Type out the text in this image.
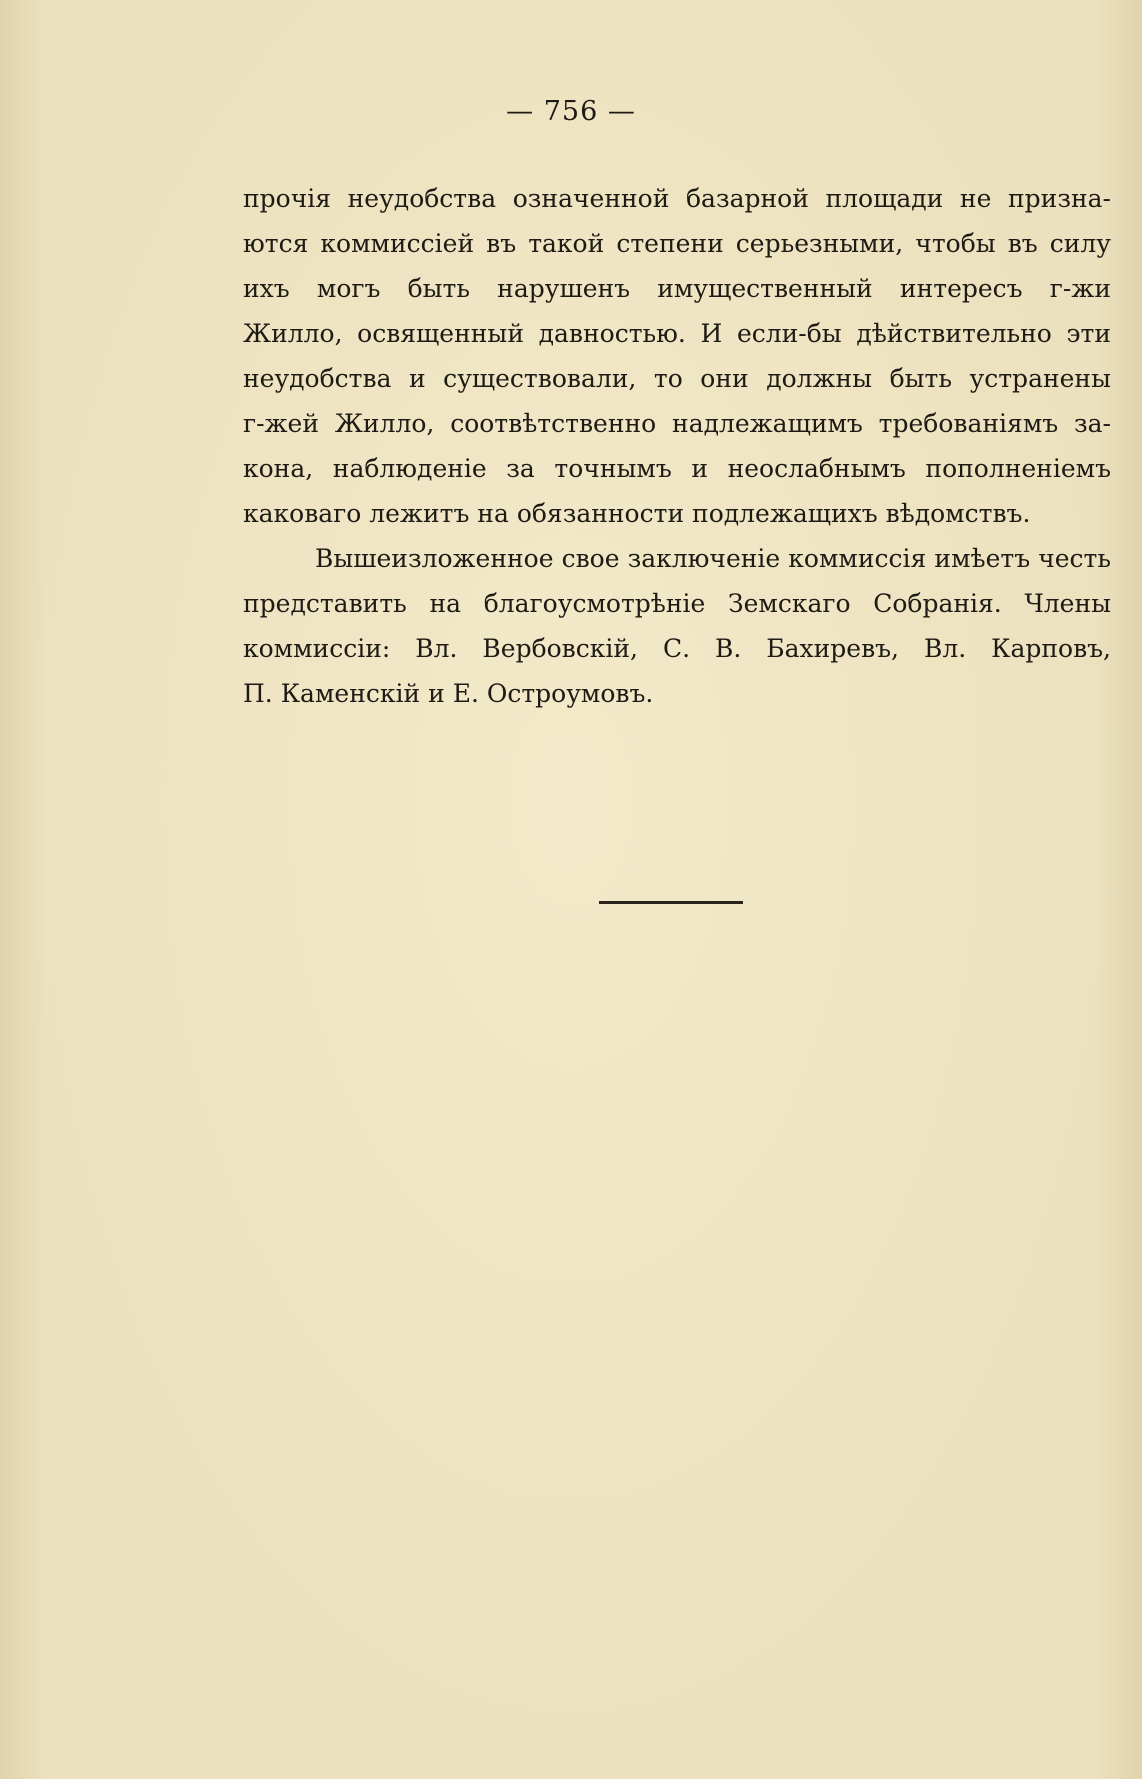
— 756 —
прочія неудобства означенной базарной площади не призна-
ются коммиссіей въ такой степени серьезными, чтобы въ силу
ихъ могъ быть нарушенъ имущественный интересъ г-жи
Жилло, освященный давностью. И если-бы дѣйствительно эти
неудобства и существовали, то они должны быть устранены
г-жей Жилло, соотвѣтственно надлежащимъ требованіямъ за-
кона, наблюденіе за точнымъ и неослабнымъ пополненіемъ
каковаго лежитъ на обязанности подлежащихъ вѣдомствъ.
Вышеизложенное свое заключеніе коммиссія имѣетъ честь
представить на благоусмотрѣніе Земскаго Собранія. Члены
коммиссіи: Вл. Вербовскій, С. В. Бахиревъ, Вл. Карповъ,
П. Каменскій и Е. Остроумовъ.
